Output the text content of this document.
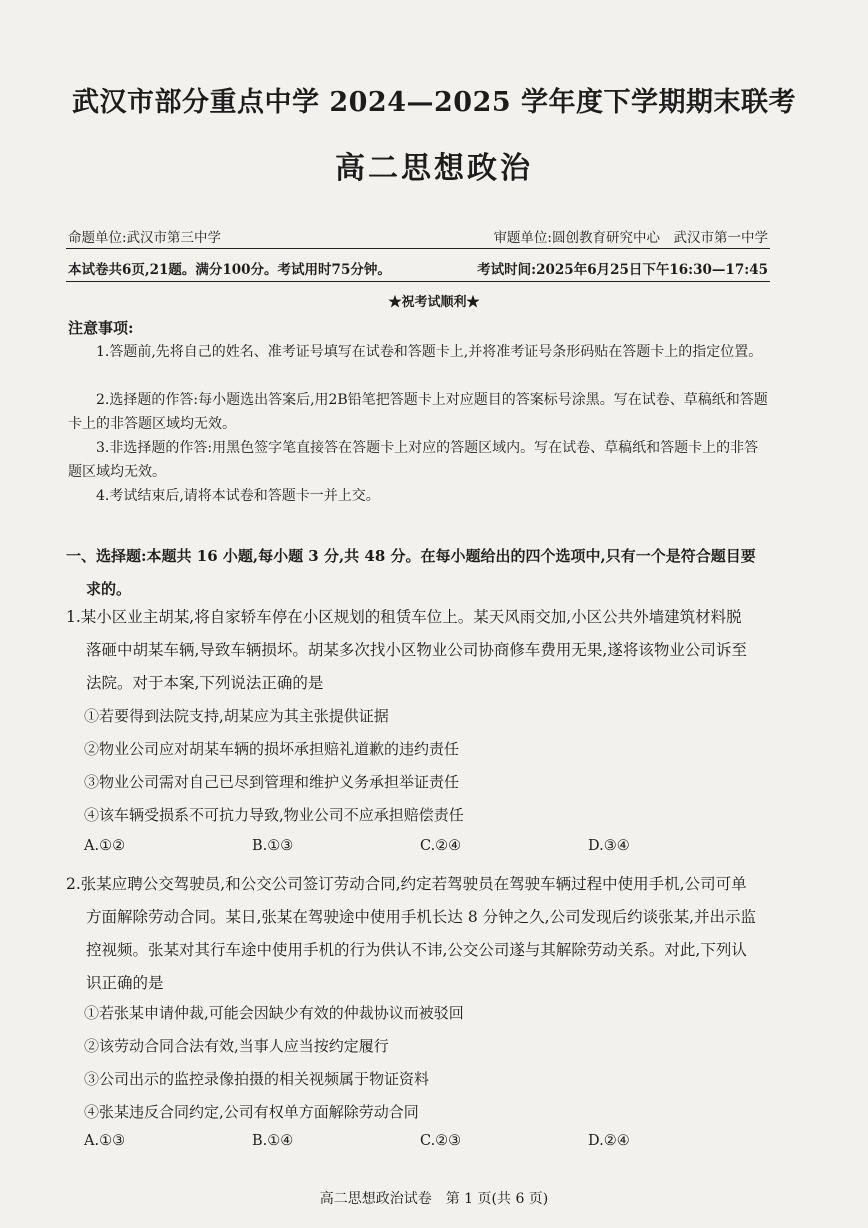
武汉市部分重点中学 2024—2025 学年度下学期期末联考
高二思想政治
命题单位:武汉市第三中学	审题单位:圆创教育研究中心　武汉市第一中学
本试卷共6页,21题。满分100分。考试用时75分钟。	考试时间:2025年6月25日下午16:30—17:45
★祝考试顺利★
注意事项:
1.答题前,先将自己的姓名、准考证号填写在试卷和答题卡上,并将准考证号条形码贴在答题卡上的指定位置。
2.选择题的作答:每小题选出答案后,用2B铅笔把答题卡上对应题目的答案标号涂黑。写在试卷、草稿纸和答题卡上的非答题区域均无效。
3.非选择题的作答:用黑色签字笔直接答在答题卡上对应的答题区域内。写在试卷、草稿纸和答题卡上的非答题区域均无效。
4.考试结束后,请将本试卷和答题卡一并上交。
一、选择题:本题共 16 小题,每小题 3 分,共 48 分。在每小题给出的四个选项中,只有一个是符合题目要
求的。
1.某小区业主胡某,将自家轿车停在小区规划的租赁车位上。某天风雨交加,小区公共外墙建筑材料脱
落砸中胡某车辆,导致车辆损坏。胡某多次找小区物业公司协商修车费用无果,遂将该物业公司诉至
法院。对于本案,下列说法正确的是
①若要得到法院支持,胡某应为其主张提供证据
②物业公司应对胡某车辆的损坏承担赔礼道歉的违约责任
③物业公司需对自己已尽到管理和维护义务承担举证责任
④该车辆受损系不可抗力导致,物业公司不应承担赔偿责任
A.①②	B.①③	C.②④	D.③④
2.张某应聘公交驾驶员,和公交公司签订劳动合同,约定若驾驶员在驾驶车辆过程中使用手机,公司可单
方面解除劳动合同。某日,张某在驾驶途中使用手机长达 8 分钟之久,公司发现后约谈张某,并出示监
控视频。张某对其行车途中使用手机的行为供认不讳,公交公司遂与其解除劳动关系。对此,下列认
识正确的是
①若张某申请仲裁,可能会因缺少有效的仲裁协议而被驳回
②该劳动合同合法有效,当事人应当按约定履行
③公司出示的监控录像拍摄的相关视频属于物证资料
④张某违反合同约定,公司有权单方面解除劳动合同
A.①③	B.①④	C.②③	D.②④
高二思想政治试卷　第 1 页(共 6 页)
